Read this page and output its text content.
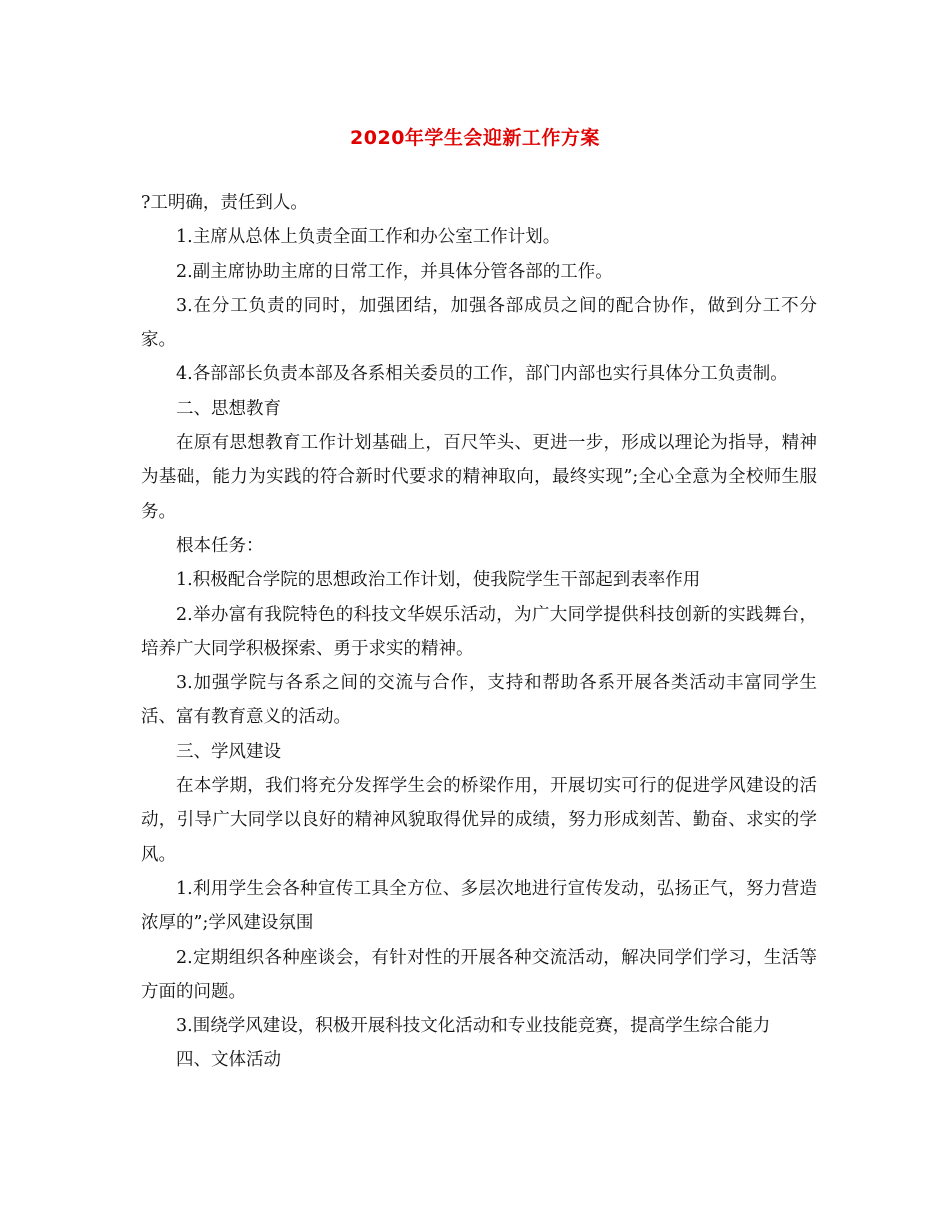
2020年学生会迎新工作方案

?工明确，责任到人。

1.主席从总体上负责全面工作和办公室工作计划。

2.副主席协助主席的日常工作，并具体分管各部的工作。

3.在分工负责的同时，加强团结，加强各部成员之间的配合协作，做到分工不分家。

4.各部部长负责本部及各系相关委员的工作，部门内部也实行具体分工负责制。

二、思想教育

在原有思想教育工作计划基础上，百尺竿头、更进一步，形成以理论为指导，精神为基础，能力为实践的符合新时代要求的精神取向，最终实现”;全心全意为全校师生服务。

根本任务：

1.积极配合学院的思想政治工作计划，使我院学生干部起到表率作用

2.举办富有我院特色的科技文华娱乐活动，为广大同学提供科技创新的实践舞台，培养广大同学积极探索、勇于求实的精神。

3.加强学院与各系之间的交流与合作，支持和帮助各系开展各类活动丰富同学生活、富有教育意义的活动。

三、学风建设

在本学期，我们将充分发挥学生会的桥梁作用，开展切实可行的促进学风建设的活动，引导广大同学以良好的精神风貌取得优异的成绩，努力形成刻苦、勤奋、求实的学风。

1.利用学生会各种宣传工具全方位、多层次地进行宣传发动，弘扬正气，努力营造浓厚的”;学风建设氛围

2.定期组织各种座谈会，有针对性的开展各种交流活动，解决同学们学习，生活等方面的问题。

3.围绕学风建设，积极开展科技文化活动和专业技能竞赛，提高学生综合能力

四、文体活动
